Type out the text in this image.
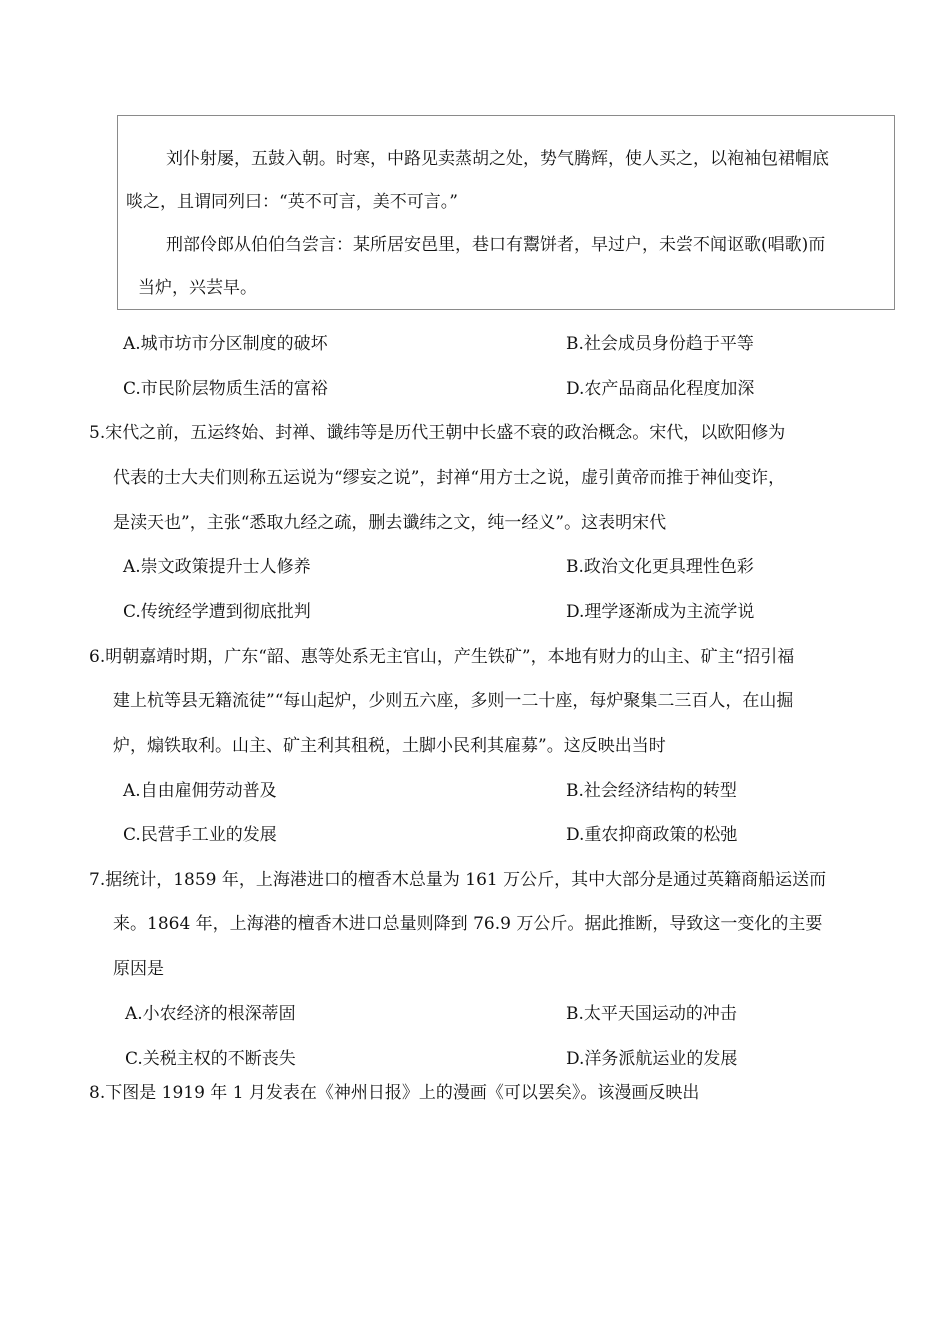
刘仆射屡，五鼓入朝。时寒，中路见卖蒸胡之处，势气腾辉，使人买之，以袍袖包裙帽底
啖之，且谓同列曰：“英不可言，美不可言。”
刑部伶郎从伯伯刍尝言：某所居安邑里，巷口有鬻饼者，早过户，未尝不闻讴歌(唱歌)而
当炉，兴芸早。
A.城市坊市分区制度的破坏	B.社会成员身份趋于平等
C.市民阶层物质生活的富裕	D.农产品商品化程度加深
5.宋代之前，五运终始、封禅、谶纬等是历代王朝中长盛不衰的政治概念。宋代，以欧阳修为
代表的士大夫们则称五运说为“缪妄之说”，封禅“用方士之说，虚引黄帝而推于神仙变诈，
是渎天也”，主张“悉取九经之疏，删去谶纬之文，纯一经义”。这表明宋代
A.崇文政策提升士人修养	B.政治文化更具理性色彩
C.传统经学遭到彻底批判	D.理学逐渐成为主流学说
6.明朝嘉靖时期，广东“韶、惠等处系无主官山，产生铁矿”，本地有财力的山主、矿主“招引福
建上杭等县无籍流徒”“每山起炉，少则五六座，多则一二十座，每炉聚集二三百人，在山掘
炉，煽铁取利。山主、矿主利其租税，土脚小民利其雇募”。这反映出当时
A.自由雇佣劳动普及	B.社会经济结构的转型
C.民营手工业的发展	D.重农抑商政策的松弛
7.据统计，1859 年，上海港进口的檀香木总量为 161 万公斤，其中大部分是通过英籍商船运送而
来。1864 年，上海港的檀香木进口总量则降到 76.9 万公斤。据此推断，导致这一变化的主要
原因是
A.小农经济的根深蒂固	B.太平天国运动的冲击
C.关税主权的不断丧失	D.洋务派航运业的发展
8.下图是 1919 年 1 月发表在《神州日报》上的漫画《可以罢矣》。该漫画反映出
